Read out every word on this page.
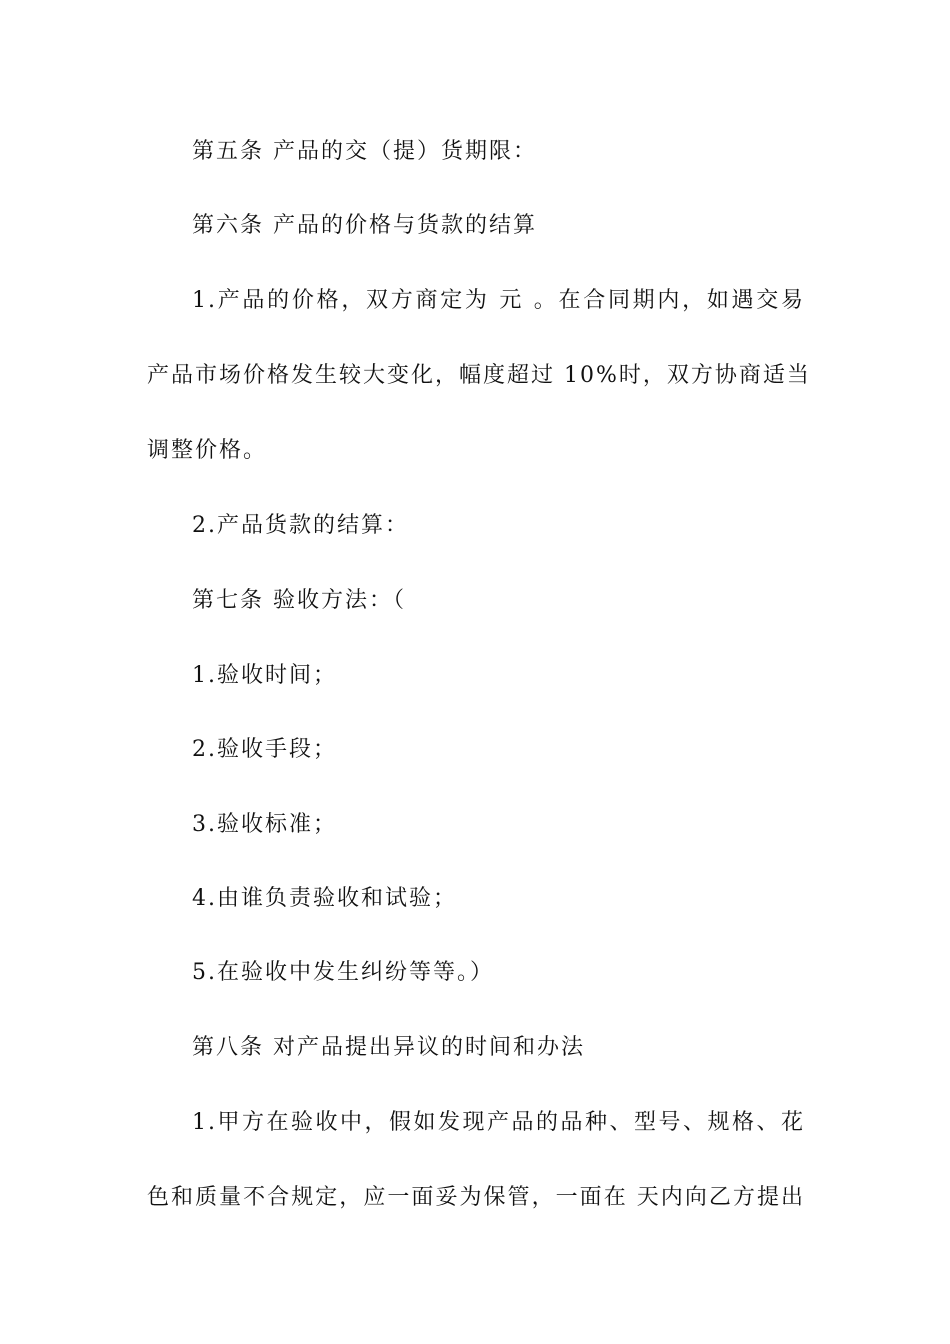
第五条 产品的交（提）货期限：
第六条 产品的价格与货款的结算
1.产品的价格，双方商定为 元 。在合同期内，如遇交易
产品市场价格发生较大变化，幅度超过 10%时，双方协商适当
调整价格。
2.产品货款的结算：
第七条 验收方法：（
1.验收时间；
2.验收手段；
3.验收标准；
4.由谁负责验收和试验；
5.在验收中发生纠纷等等。）
第八条 对产品提出异议的时间和办法
1.甲方在验收中，假如发现产品的品种、型号、规格、花
色和质量不合规定，应一面妥为保管，一面在 天内向乙方提出
